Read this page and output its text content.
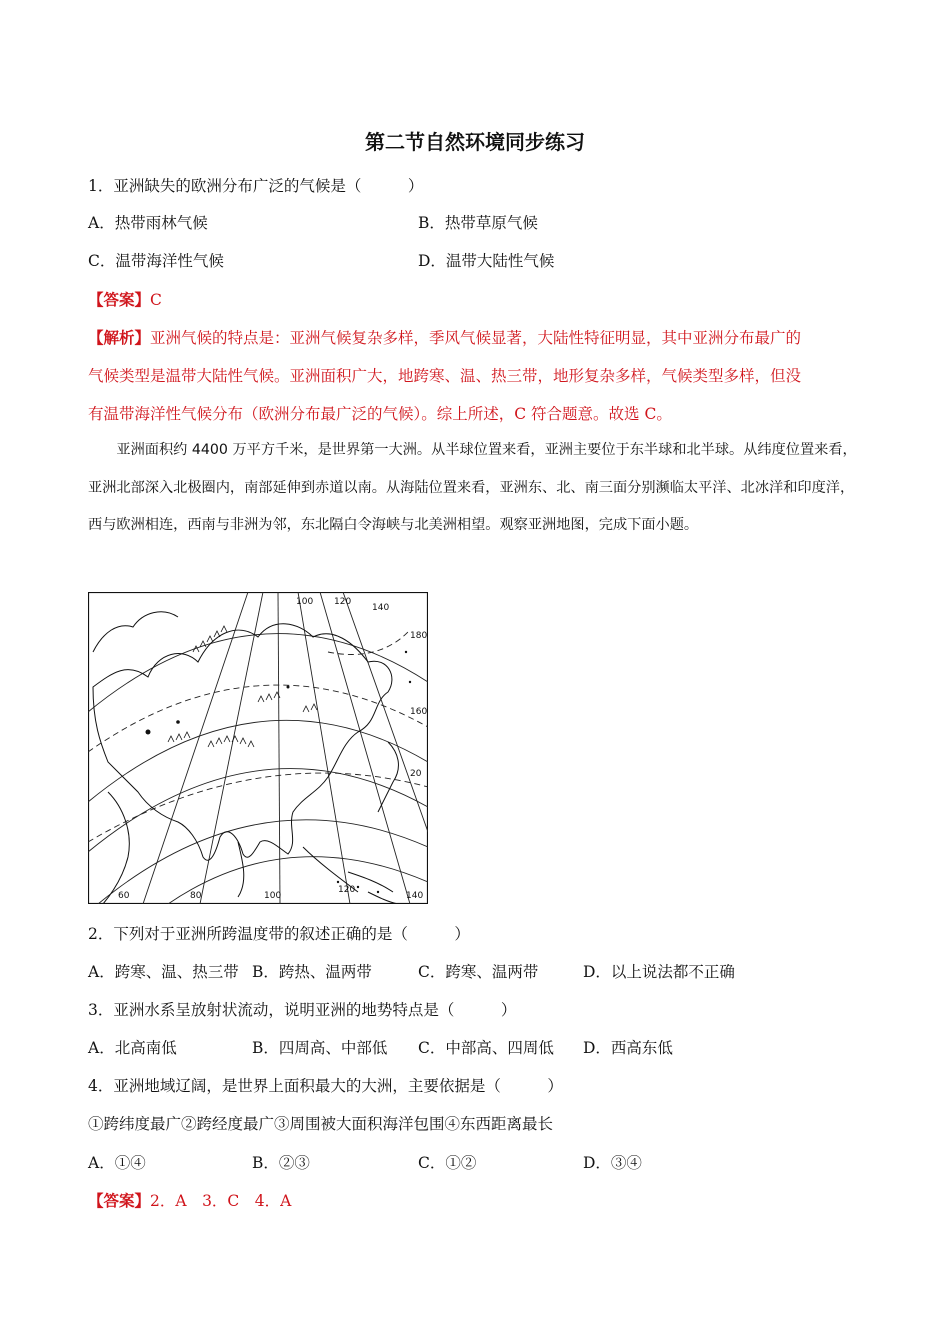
第二节自然环境同步练习
1．亚洲缺失的欧洲分布广泛的气候是（　　　）
A．热带雨林气候	B．热带草原气候
C．温带海洋性气候	D．温带大陆性气候
【答案】C
【解析】亚洲气候的特点是：亚洲气候复杂多样，季风气候显著，大陆性特征明显，其中亚洲分布最广的
气候类型是温带大陆性气候。亚洲面积广大，地跨寒、温、热三带，地形复杂多样，气候类型多样，但没
有温带海洋性气候分布（欧洲分布最广泛的气候）。综上所述，C 符合题意。故选 C。
亚洲面积约 4400 万平方千米，是世界第一大洲。从半球位置来看，亚洲主要位于东半球和北半球。从纬度位置来看，亚洲北部深入北极圈内，南部延伸到赤道以南。从海陆位置来看，亚洲东、北、南三面分别濒临太平洋、北冰洋和印度洋，西与欧洲相连，西南与非洲为邻，东北隔白令海峡与北美洲相望。观察亚洲地图，完成下面小题。
60	80	100
120
140
180
160
20
100 120
140
2．下列对于亚洲所跨温度带的叙述正确的是（　　　）
A．跨寒、温、热三带 B．跨热、温两带	C．跨寒、温两带	D．以上说法都不正确
3．亚洲水系呈放射状流动，说明亚洲的地势特点是（　　　）
A．北高南低	B．四周高、中部低 C．中部高、四周低 D．西高东低
4．亚洲地域辽阔，是世界上面积最大的大洲，主要依据是（　　　）
①跨纬度最广②跨经度最广③周围被大面积海洋包围④东西距离最长
A．①④	B．②③	C．①②	D．③④
【答案】2．A　3．C　4．A
